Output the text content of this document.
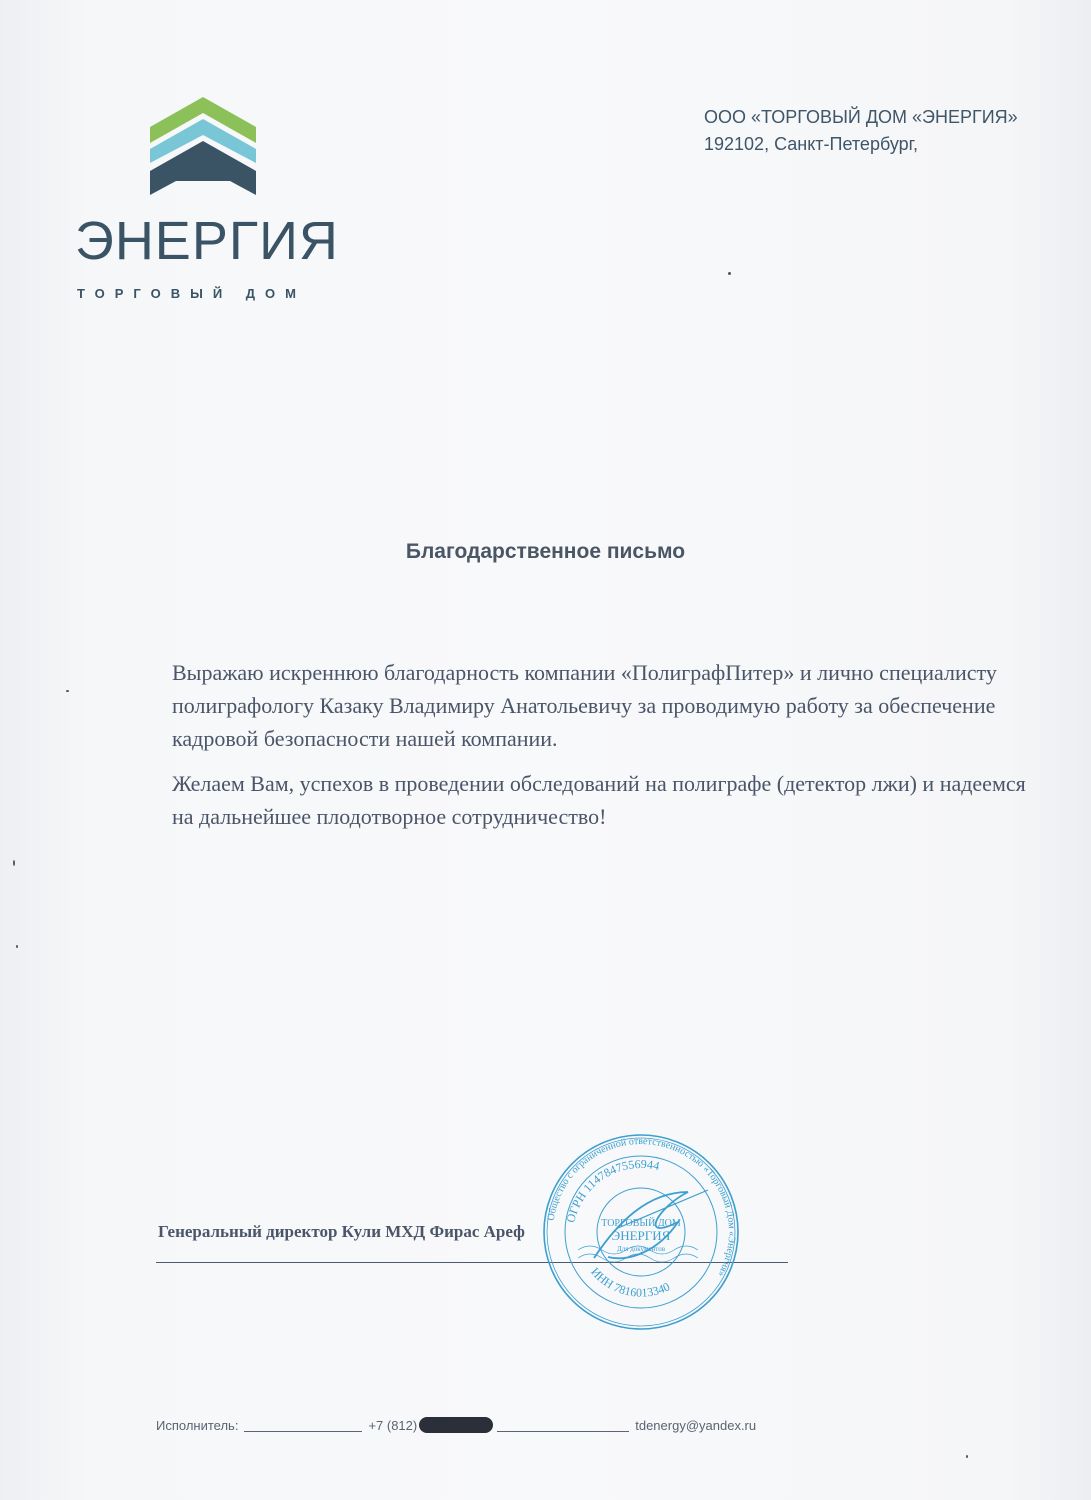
ЭНЕРГИЯ
ТОРГОВЫЙ ДОМ
ООО «ТОРГОВЫЙ ДОМ «ЭНЕРГИЯ»
192102, Санкт-Петербург,
Благодарственное письмо

Выражаю искреннюю благодарность компании «ПолиграфПитер» и лично специалисту полиграфологу Казаку Владимиру Анатольевичу за проводимую работу за обеспечение кадровой безопасности нашей компании.

Желаем Вам, успехов в проведении обследований на полиграфе (детектор лжи) и надеемся на дальнейшее плодотворное сотрудничество!

Генеральный директор Кули МХД Фирас Ареф
Общество с ограниченной ответственностью «Торговый Дом «Энергия»
ОГРН 1147847556944
ИНН 7816013340
ТОРГОВЫЙ ДОМ
ЭНЕРГИЯ
Для документов
Исполнитель:	+7 (812)	tdenergy@yandex.ru
